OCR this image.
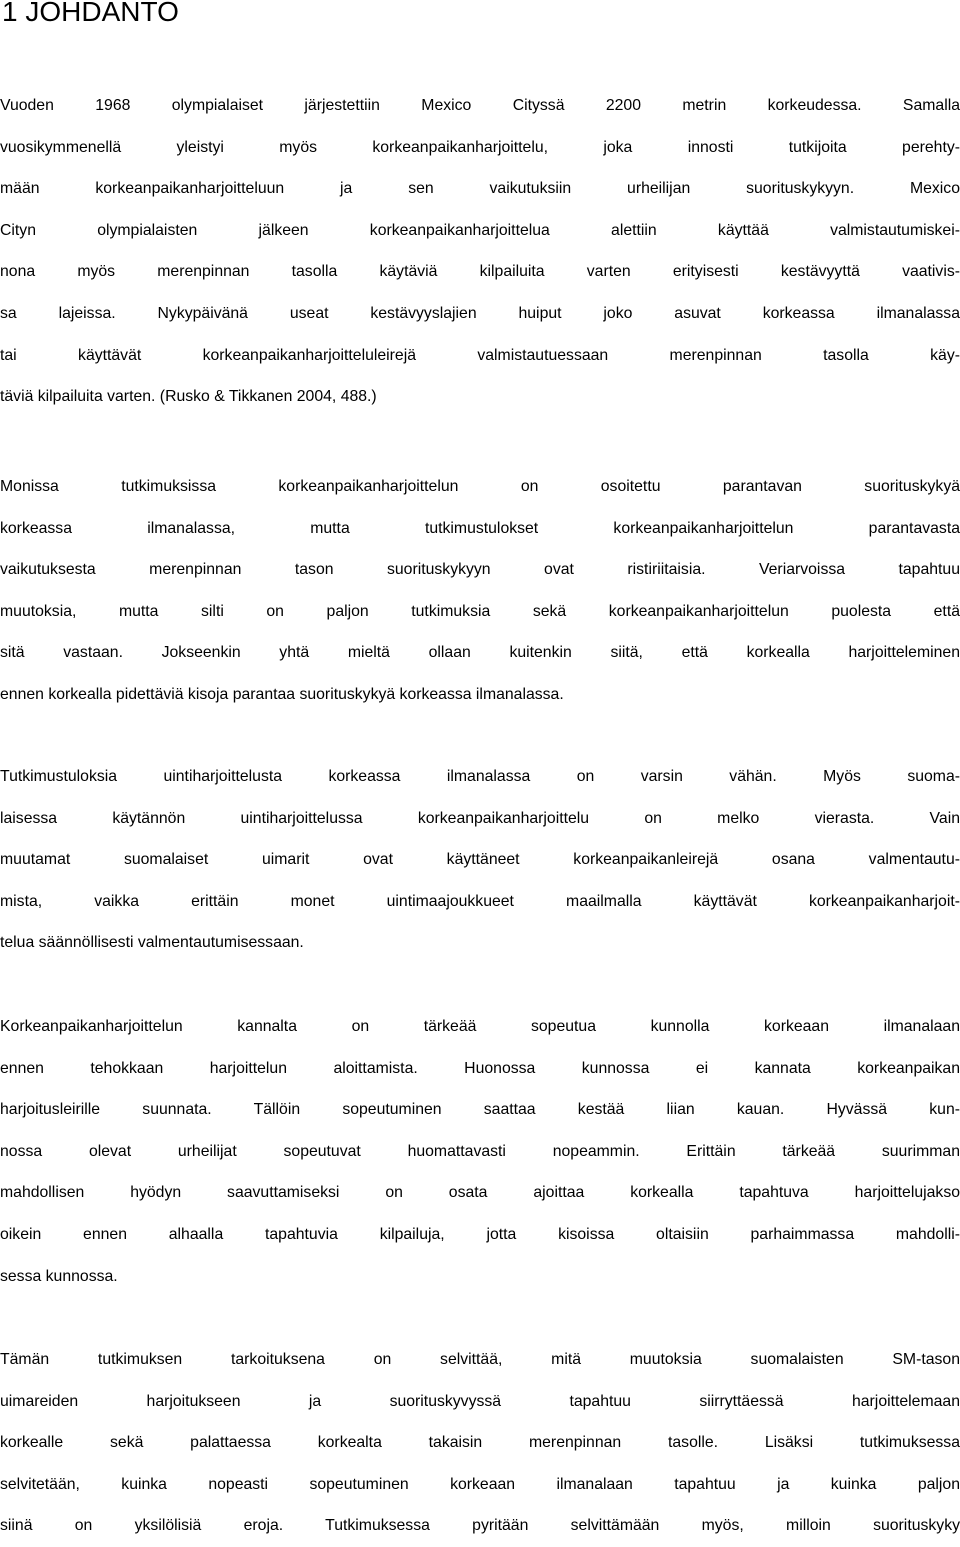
1 JOHDANTO
Vuoden 1968 olympialaiset järjestettiin Mexico Cityssä 2200 metrin korkeudessa. Samalla
vuosikymmenellä yleistyi myös korkeanpaikanharjoittelu, joka innosti tutkijoita perehty-
mään korkeanpaikanharjoitteluun ja sen vaikutuksiin urheilijan suorituskykyyn. Mexico
Cityn olympialaisten jälkeen korkeanpaikanharjoittelua alettiin käyttää valmistautumiskei-
nona myös merenpinnan tasolla käytäviä kilpailuita varten erityisesti kestävyyttä vaativis-
sa lajeissa. Nykypäivänä useat kestävyyslajien huiput joko asuvat korkeassa ilmanalassa
tai käyttävät korkeanpaikanharjoitteluleirejä valmistautuessaan merenpinnan tasolla käy-
täviä kilpailuita varten. (Rusko & Tikkanen 2004, 488.)
Monissa tutkimuksissa korkeanpaikanharjoittelun on osoitettu parantavan suorituskykyä
korkeassa ilmanalassa, mutta tutkimustulokset korkeanpaikanharjoittelun parantavasta
vaikutuksesta merenpinnan tason suorituskykyyn ovat ristiriitaisia. Veriarvoissa tapahtuu
muutoksia, mutta silti on paljon tutkimuksia sekä korkeanpaikanharjoittelun puolesta että
sitä vastaan. Jokseenkin yhtä mieltä ollaan kuitenkin siitä, että korkealla harjoitteleminen
ennen korkealla pidettäviä kisoja parantaa suorituskykyä korkeassa ilmanalassa.
Tutkimustuloksia uintiharjoittelusta korkeassa ilmanalassa on varsin vähän. Myös suoma-
laisessa käytännön uintiharjoittelussa korkeanpaikanharjoittelu on melko vierasta. Vain
muutamat suomalaiset uimarit ovat käyttäneet korkeanpaikanleirejä osana valmentautu-
mista, vaikka erittäin monet uintimaajoukkueet maailmalla käyttävät korkeanpaikanharjoit-
telua säännöllisesti valmentautumisessaan.
Korkeanpaikanharjoittelun kannalta on tärkeää sopeutua kunnolla korkeaan ilmanalaan
ennen tehokkaan harjoittelun aloittamista. Huonossa kunnossa ei kannata korkeanpaikan
harjoitusleirille suunnata. Tällöin sopeutuminen saattaa kestää liian kauan. Hyvässä kun-
nossa olevat urheilijat sopeutuvat huomattavasti nopeammin. Erittäin tärkeää suurimman
mahdollisen hyödyn saavuttamiseksi on osata ajoittaa korkealla tapahtuva harjoittelujakso
oikein ennen alhaalla tapahtuvia kilpailuja, jotta kisoissa oltaisiin parhaimmassa mahdolli-
sessa kunnossa.
Tämän tutkimuksen tarkoituksena on selvittää, mitä muutoksia suomalaisten SM-tason
uimareiden harjoitukseen ja suorituskyvyssä tapahtuu siirryttäessä harjoittelemaan
korkealle sekä palattaessa korkealta takaisin merenpinnan tasolle. Lisäksi tutkimuksessa
selvitetään, kuinka nopeasti sopeutuminen korkeaan ilmanalaan tapahtuu ja kuinka paljon
siinä on yksilölisiä eroja. Tutkimuksessa pyritään selvittämään myös, milloin suorituskyky
